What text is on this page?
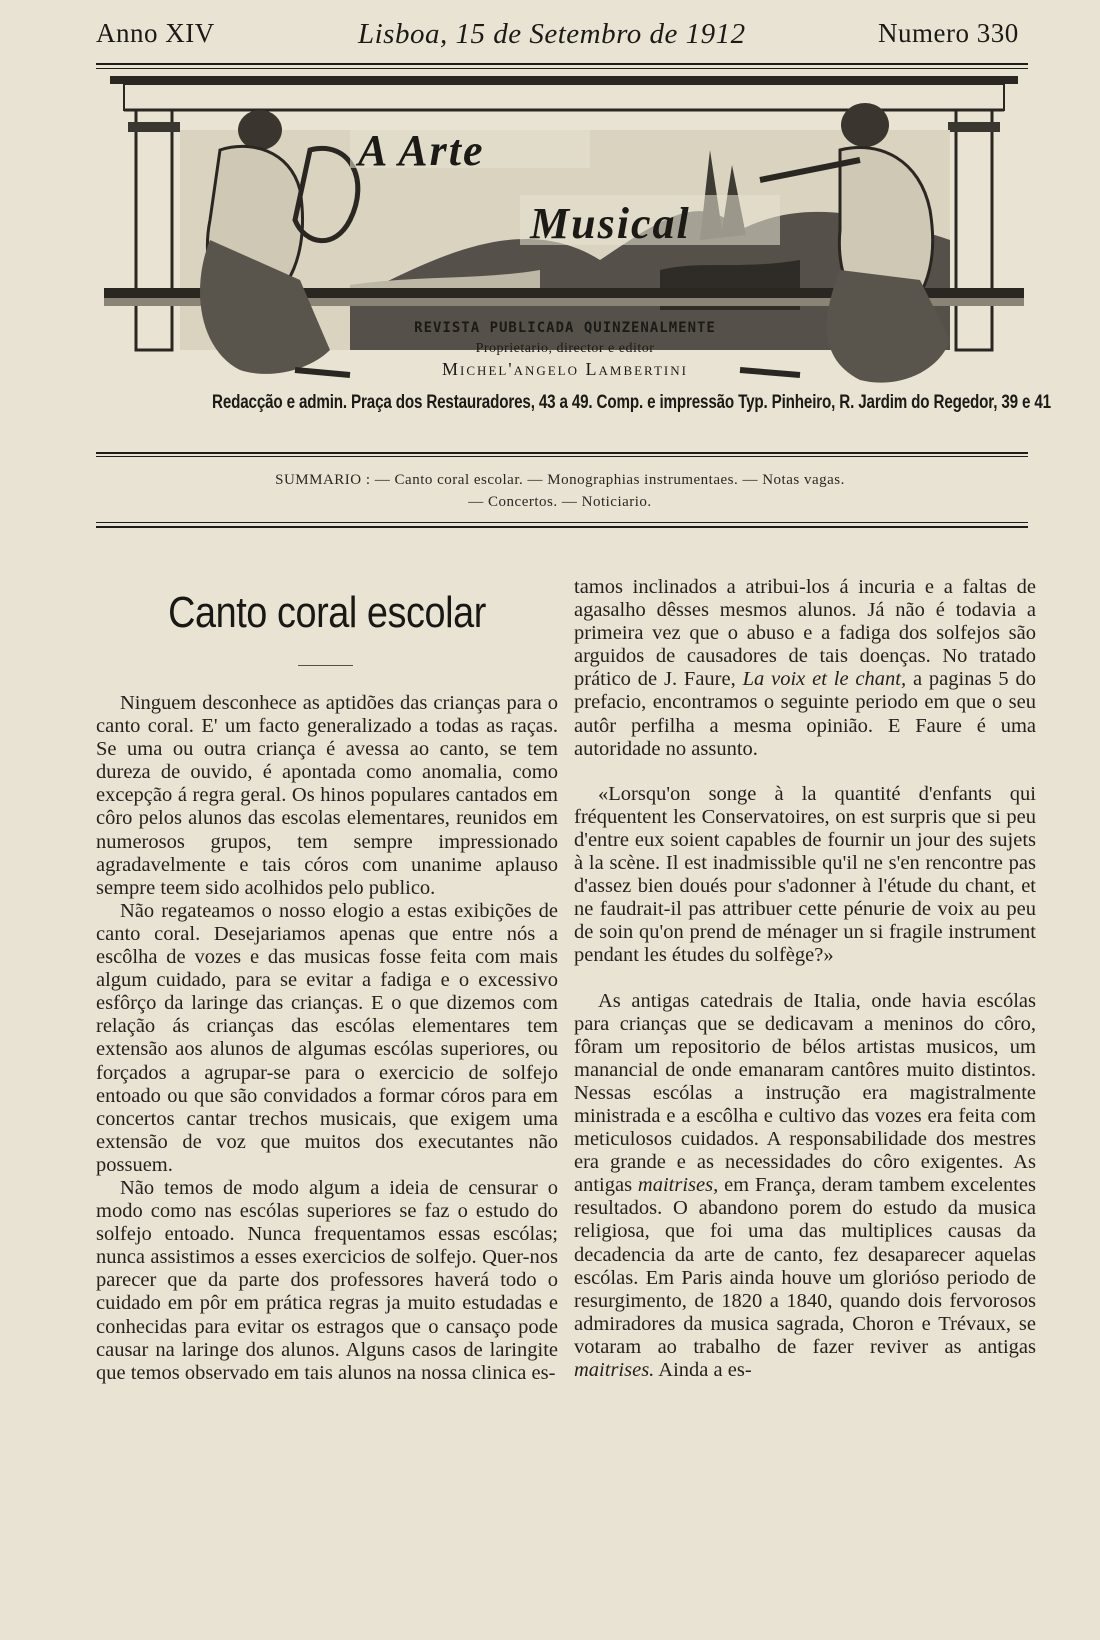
Anno XIV	Lisboa, 15 de Setembro de 1912	Numero 330
A Arte
Musical
REVISTA PUBLICADA QUINZENALMENTE
Proprietario, director e editor
Michel'angelo Lambertini
Redacção e admin. Praça dos Restauradores, 43 a 49. Comp. e impressão Typ. Pinheiro, R. Jardim do Regedor, 39 e 41
SUMMARIO : — Canto coral escolar. — Monographias instrumentaes. — Notas vagas.
— Concertos. — Noticiario.
Canto coral escolar

Ninguem desconhece as aptidões das crianças para o canto coral. E' um facto generalizado a todas as raças. Se uma ou outra criança é avessa ao canto, se tem dureza de ouvido, é apontada como anomalia, como excepção á regra geral. Os hinos populares cantados em côro pelos alunos das escolas elementares, reunidos em numerosos grupos, tem sempre impressionado agradavelmente e tais córos com unanime aplauso sempre teem sido acolhidos pelo publico.

Não regateamos o nosso elogio a estas exibições de canto coral. Desejariamos apenas que entre nós a escôlha de vozes e das musicas fosse feita com mais algum cuidado, para se evitar a fadiga e o excessivo esfôrço da laringe das crianças. E o que dizemos com relação ás crianças das escólas elementares tem extensão aos alunos de algumas escólas superiores, ou forçados a agrupar-se para o exercicio de solfejo entoado ou que são convidados a formar córos para em concertos cantar trechos musicais, que exigem uma extensão de voz que muitos dos executantes não possuem.

Não temos de modo algum a ideia de censurar o modo como nas escólas superiores se faz o estudo do solfejo entoado. Nunca frequentamos essas escólas; nunca assistimos a esses exercicios de solfejo. Quer-nos parecer que da parte dos professores haverá todo o cuidado em pôr em prática regras ja muito estudadas e conhecidas para evitar os estragos que o cansaço pode causar na laringe dos alunos. Alguns casos de laringite que temos observado em tais alunos na nossa clinica es-

tamos inclinados a atribui-los á incuria e a faltas de agasalho dêsses mesmos alunos. Já não é todavia a primeira vez que o abuso e a fadiga dos solfejos são arguidos de causadores de tais doenças. No tratado prático de J. Faure, La voix et le chant, a paginas 5 do prefacio, encontramos o seguinte periodo em que o seu autôr perfilha a mesma opinião. E Faure é uma autoridade no assunto.

«Lorsqu'on songe à la quantité d'enfants qui fréquentent les Conservatoires, on est surpris que si peu d'entre eux soient capables de fournir un jour des sujets à la scène. Il est inadmissible qu'il ne s'en rencontre pas d'assez bien doués pour s'adonner à l'étude du chant, et ne faudrait-il pas attribuer cette pénurie de voix au peu de soin qu'on prend de ménager un si fragile instrument pendant les études du solfège?»

As antigas catedrais de Italia, onde havia escólas para crianças que se dedicavam a meninos do côro, fôram um repositorio de bélos artistas musicos, um manancial de onde emanaram cantôres muito distintos. Nessas escólas a instrução era magistralmente ministrada e a escôlha e cultivo das vozes era feita com meticulosos cuidados. A responsabilidade dos mestres era grande e as necessidades do côro exigentes. As antigas maitrises, em França, deram tambem excelentes resultados. O abandono porem do estudo da musica religiosa, que foi uma das multiplices causas da decadencia da arte de canto, fez desaparecer aquelas escólas. Em Paris ainda houve um glorióso periodo de resurgimento, de 1820 a 1840, quando dois fervorosos admiradores da musica sagrada, Choron e Trévaux, se votaram ao trabalho de fazer reviver as antigas maitrises. Ainda a es-
